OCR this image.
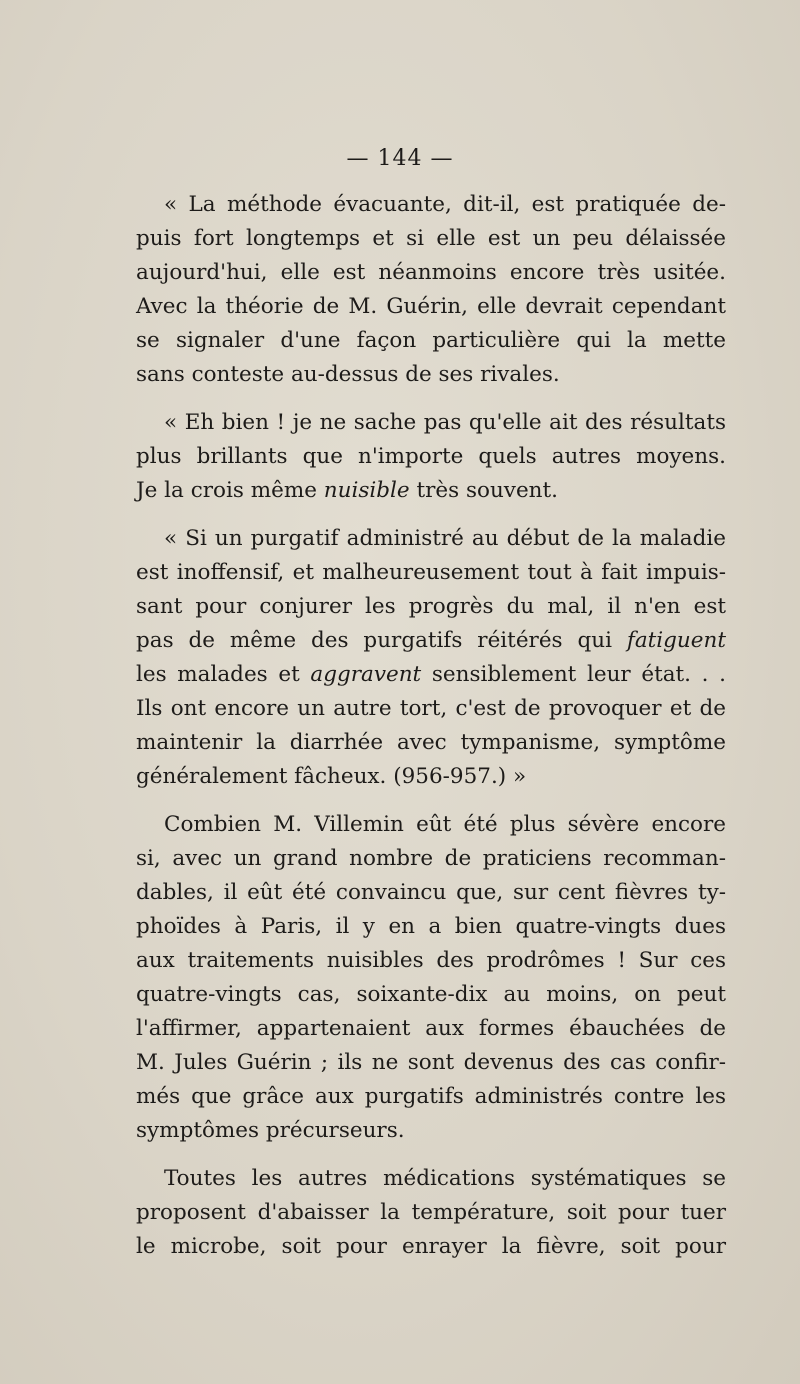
— 144 —
« La méthode évacuante, dit-il, est pratiquée de-
puis fort longtemps et si elle est un peu délaissée
aujourd'hui, elle est néanmoins encore très usitée.
Avec la théorie de M. Guérin, elle devrait cependant
se signaler d'une façon particulière qui la mette
sans conteste au-dessus de ses rivales.
« Eh bien ! je ne sache pas qu'elle ait des résultats
plus brillants que n'importe quels autres moyens.
Je la crois même nuisible très souvent.
« Si un purgatif administré au début de la maladie
est inoffensif, et malheureusement tout à fait impuis-
sant pour conjurer les progrès du mal, il n'en est
pas de même des purgatifs réitérés qui fatiguent
les malades et aggravent sensiblement leur état. . .
Ils ont encore un autre tort, c'est de provoquer et de
maintenir la diarrhée avec tympanisme, symptôme
généralement fâcheux. (956-957.) »
Combien M. Villemin eût été plus sévère encore
si, avec un grand nombre de praticiens recomman-
dables, il eût été convaincu que, sur cent fièvres ty-
phoïdes à Paris, il y en a bien quatre-vingts dues
aux traitements nuisibles des prodrômes ! Sur ces
quatre-vingts cas, soixante-dix au moins, on peut
l'affirmer, appartenaient aux formes ébauchées de
M. Jules Guérin ; ils ne sont devenus des cas confir-
més que grâce aux purgatifs administrés contre les
symptômes précurseurs.
Toutes les autres médications systématiques se
proposent d'abaisser la température, soit pour tuer
le microbe, soit pour enrayer la fièvre, soit pour
